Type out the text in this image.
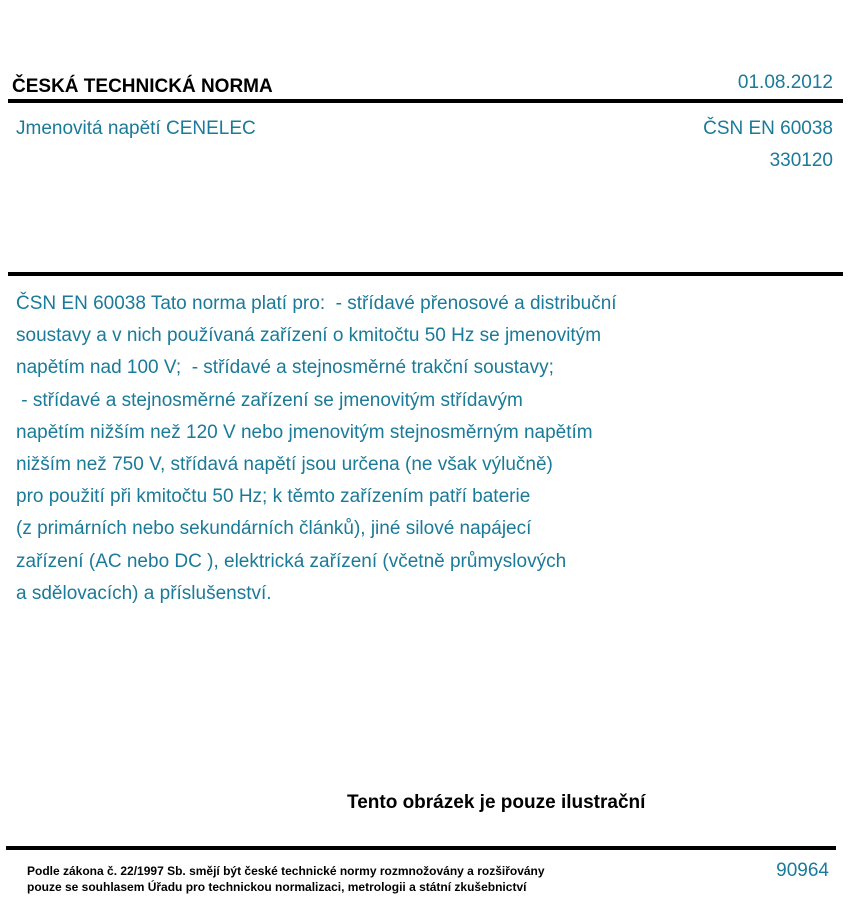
ČESKÁ TECHNICKÁ NORMA	01.08.2012
Jmenovitá napětí CENELEC	ČSN EN 60038
330120
ČSN EN 60038 Tato norma platí pro:  - střídavé přenosové a distribuční
soustavy a v nich používaná zařízení o kmitočtu 50 Hz se jmenovitým
napětím nad 100 V;  - střídavé a stejnosměrné trakční soustavy;
- střídavé a stejnosměrné zařízení se jmenovitým střídavým
napětím nižším než 120 V nebo jmenovitým stejnosměrným napětím
nižším než 750 V, střídavá napětí jsou určena (ne však výlučně)
pro použití při kmitočtu 50 Hz; k těmto zařízením patří baterie
(z primárních nebo sekundárních článků), jiné silové napájecí
zařízení (AC nebo DC ), elektrická zařízení (včetně průmyslových
a sdělovacích) a příslušenství.
Tento obrázek je pouze ilustrační
Podle zákona č. 22/1997 Sb. smějí být české technické normy rozmnožovány a rozšiřovány
pouze se souhlasem Úřadu pro technickou normalizaci, metrologii a státní zkušebnictví
90964
